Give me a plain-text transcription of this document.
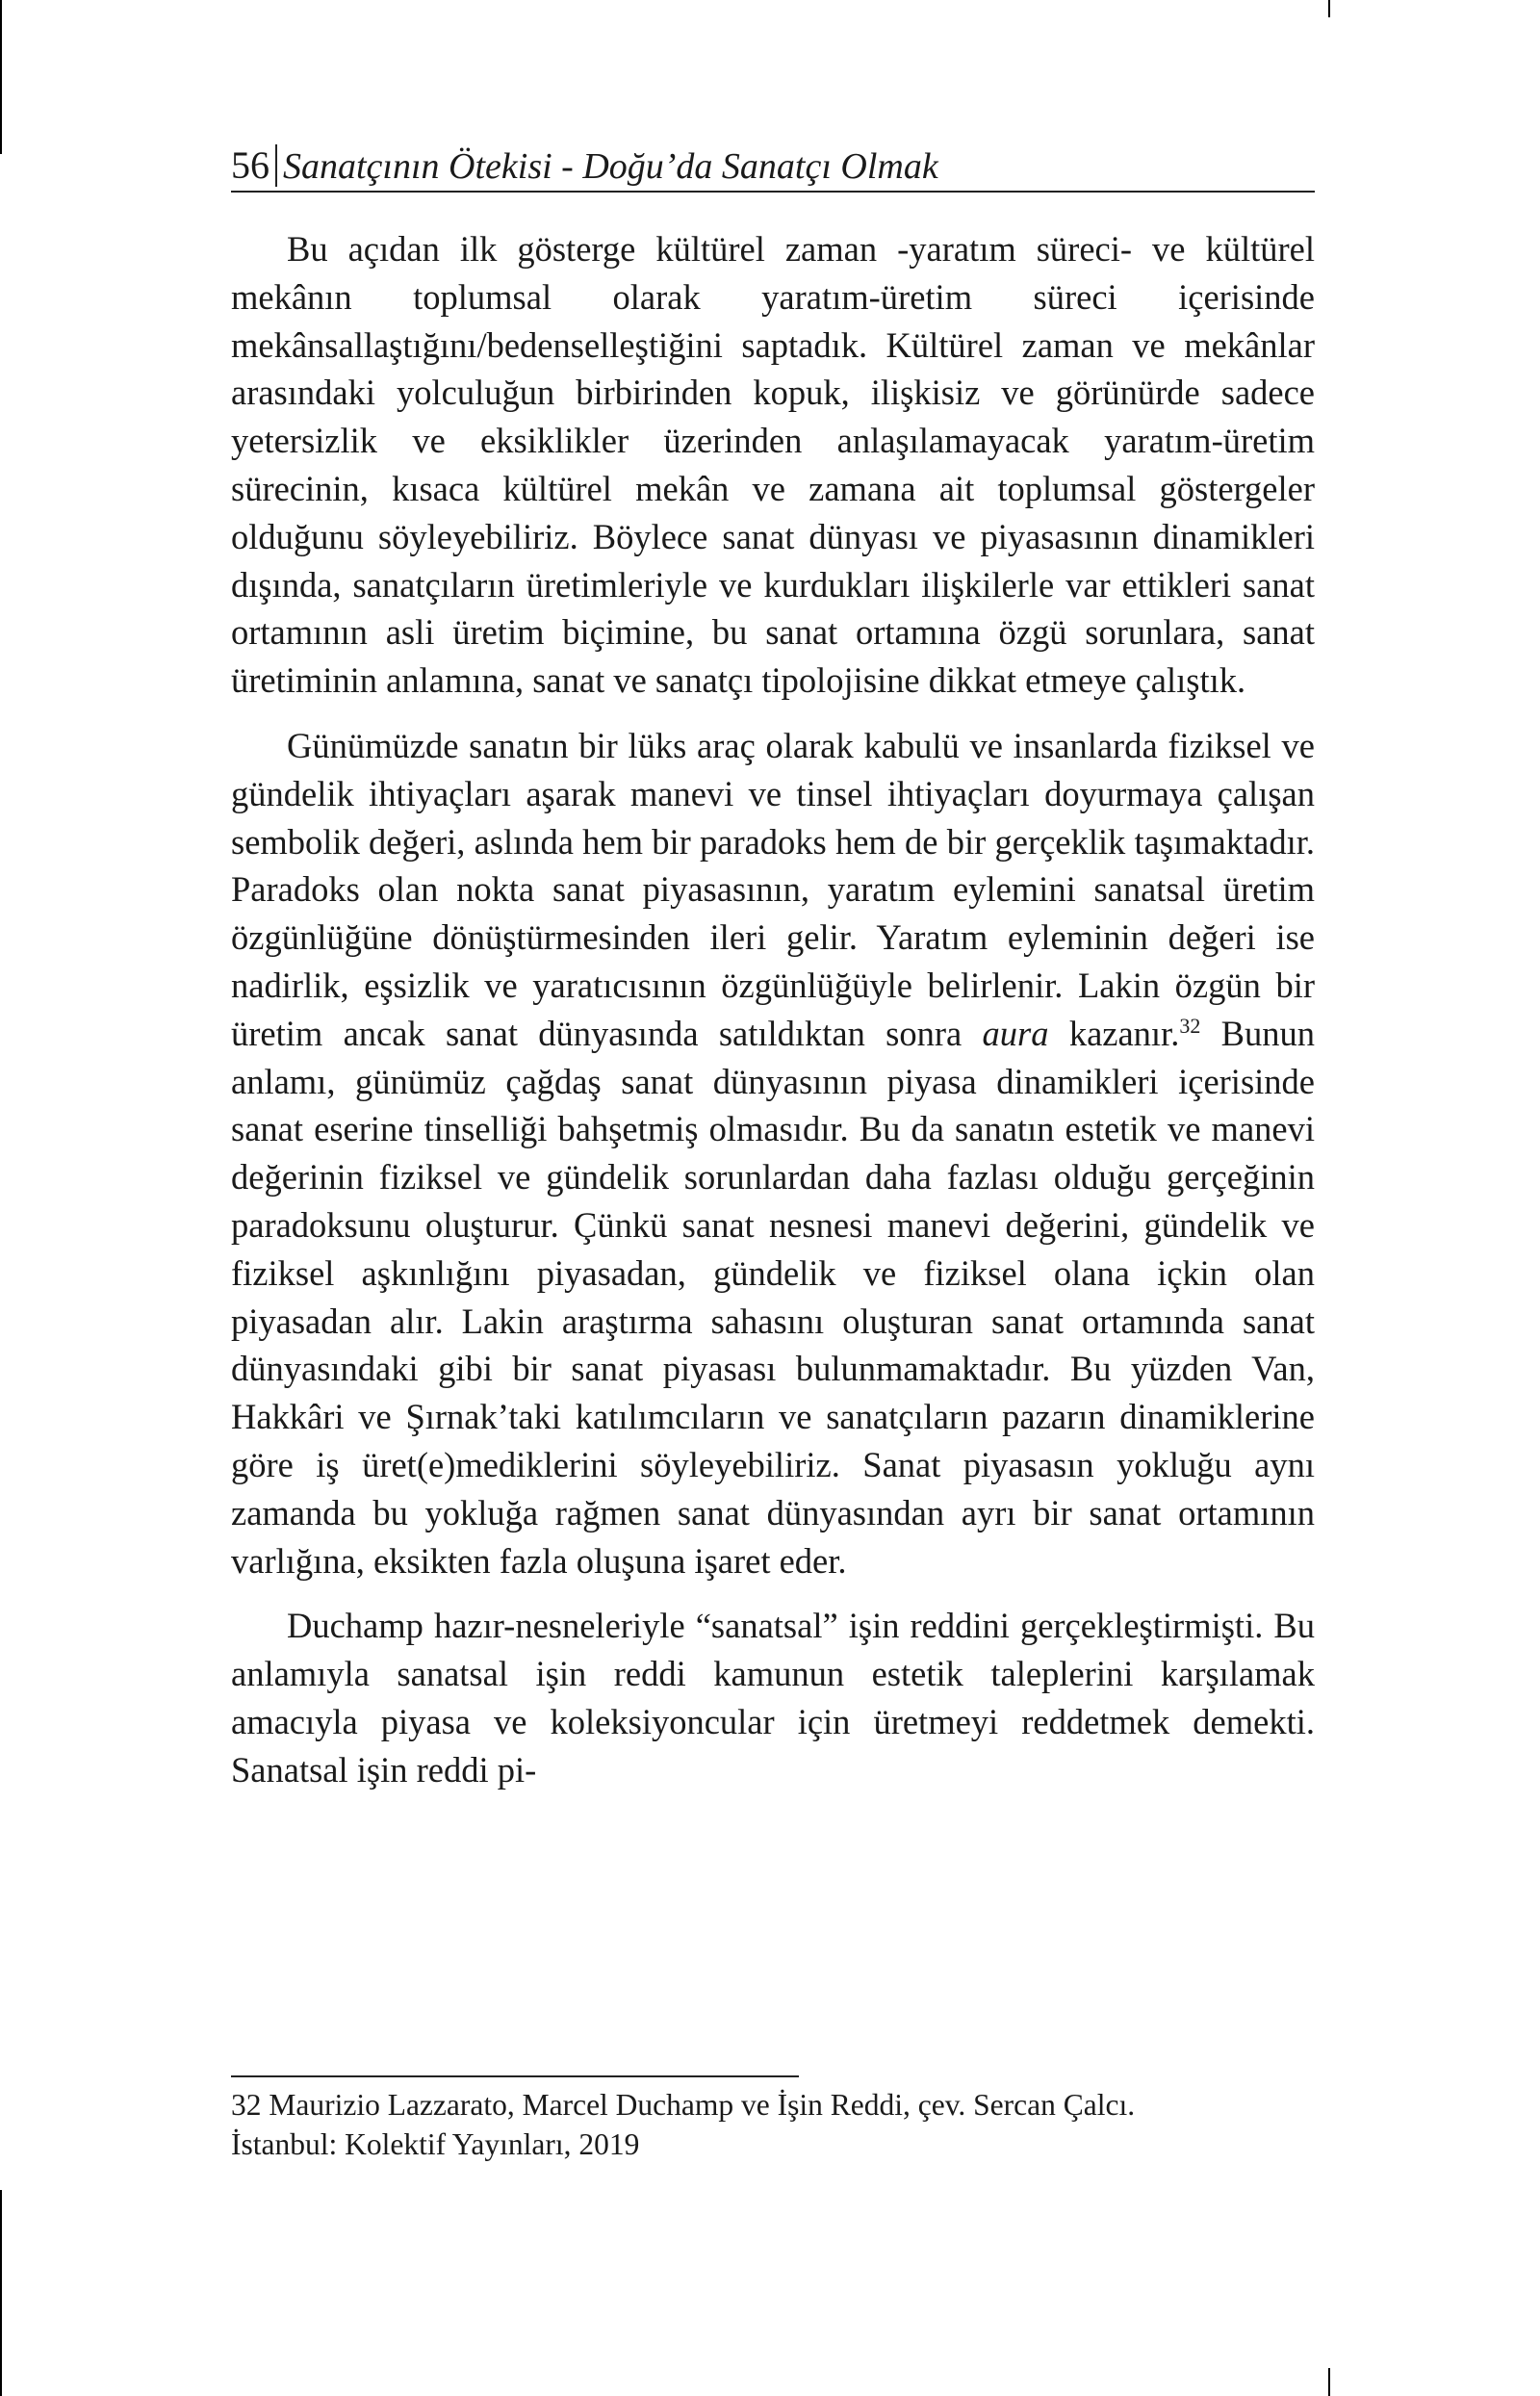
56 Sanatçının Ötekisi - Doğu’da Sanatçı Olmak

Bu açıdan ilk gösterge kültürel zaman -yaratım süreci- ve kültürel mekânın toplumsal olarak yaratım-üretim süreci içerisinde mekânsallaştığını/bedenselleştiğini saptadık. Kültürel zaman ve mekânlar arasındaki yolculuğun birbirinden kopuk, ilişkisiz ve görünürde sadece yetersizlik ve eksiklikler üzerinden anlaşılamayacak yaratım-üretim sürecinin, kısaca kültürel mekân ve zamana ait toplumsal göstergeler olduğunu söyleyebiliriz. Böylece sanat dünyası ve piyasasının dinamikleri dışında, sanatçıların üretimleriyle ve kurdukları ilişkilerle var ettikleri sanat ortamının asli üretim biçimine, bu sanat ortamına özgü sorunlara, sanat üretiminin anlamına, sanat ve sanatçı tipolojisine dikkat etmeye çalıştık.

Günümüzde sanatın bir lüks araç olarak kabulü ve insanlarda fiziksel ve gündelik ihtiyaçları aşarak manevi ve tinsel ihtiyaçları doyurmaya çalışan sembolik değeri, aslında hem bir paradoks hem de bir gerçeklik taşımaktadır. Paradoks olan nokta sanat piyasasının, yaratım eylemini sanatsal üretim özgünlüğüne dönüştürmesinden ileri gelir. Yaratım eyleminin değeri ise nadirlik, eşsizlik ve yaratıcısının özgünlüğüyle belirlenir. Lakin özgün bir üretim ancak sanat dünyasında satıldıktan sonra aura kazanır.$^{32}$ Bunun anlamı, günümüz çağdaş sanat dünyasının piyasa dinamikleri içerisinde sanat eserine tinselliği bahşetmiş olmasıdır. Bu da sanatın estetik ve manevi değerinin fiziksel ve gündelik sorunlardan daha fazlası olduğu gerçeğinin paradoksunu oluşturur. Çünkü sanat nesnesi manevi değerini, gündelik ve fiziksel aşkınlığını piyasadan, gündelik ve fiziksel olana içkin olan piyasadan alır. Lakin araştırma sahasını oluşturan sanat ortamında sanat dünyasındaki gibi bir sanat piyasası bulunmamaktadır. Bu yüzden Van, Hakkâri ve Şırnak’taki katılımcıların ve sanatçıların pazarın dinamiklerine göre iş üret(e)mediklerini söyleyebiliriz. Sanat piyasasın yokluğu aynı zamanda bu yokluğa rağmen sanat dünyasından ayrı bir sanat ortamının varlığına, eksikten fazla oluşuna işaret eder.

Duchamp hazır-nesneleriyle “sanatsal” işin reddini gerçekleştirmişti. Bu anlamıyla sanatsal işin reddi kamunun estetik taleplerini karşılamak amacıyla piyasa ve koleksiyoncular için üretmeyi reddetmek demekti. Sanatsal işin reddi pi-

32 Maurizio Lazzarato, Marcel Duchamp ve İşin Reddi, çev. Sercan Çalcı.

İstanbul: Kolektif Yayınları, 2019
